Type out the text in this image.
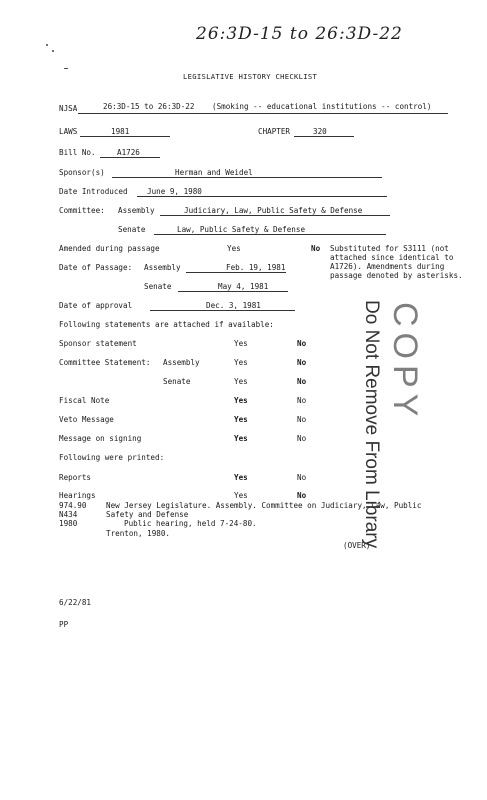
26:3D-15 to 26:3D-22
LEGISLATIVE HISTORY CHECKLIST
NJSA	26:3D-15 to 26:3D-22 (Smoking -- educational institutions -- control)
LAWS	1981	CHAPTER	320
Bill No.	A1726
Sponsor(s)	Herman and Weidel
Date Introduced	June 9, 1980
Committee: Assembly	Judiciary, Law, Public Safety & Defense
Senate	Law, Public Safety & Defense
Amended during passage	Yes	No Substituted for S3111 (not
attached since identical to
A1726). Amendments during
passage denoted by asterisks.
Date of Passage: Assembly	Feb. 19, 1981
Senate	May 4, 1981
Date of approval	Dec. 3, 1981
Following statements are attached if available:
Sponsor statement	Yes	No
Committee Statement: Assembly	Yes	No
Senate	Yes	No
Fiscal Note	Yes	No
Veto Message	Yes	No
Message on signing	Yes	No
Following were printed:
Reports	Yes	No
Hearings	Yes	No
974.90
N434
1980
New Jersey Legislature. Assembly. Committee on Judiciary, Law, Public
Safety and Defense
Public hearing, held 7-24-80.
Trenton, 1980.
(OVER)
6/22/81
PP
Do Not Remove From Library COPY
